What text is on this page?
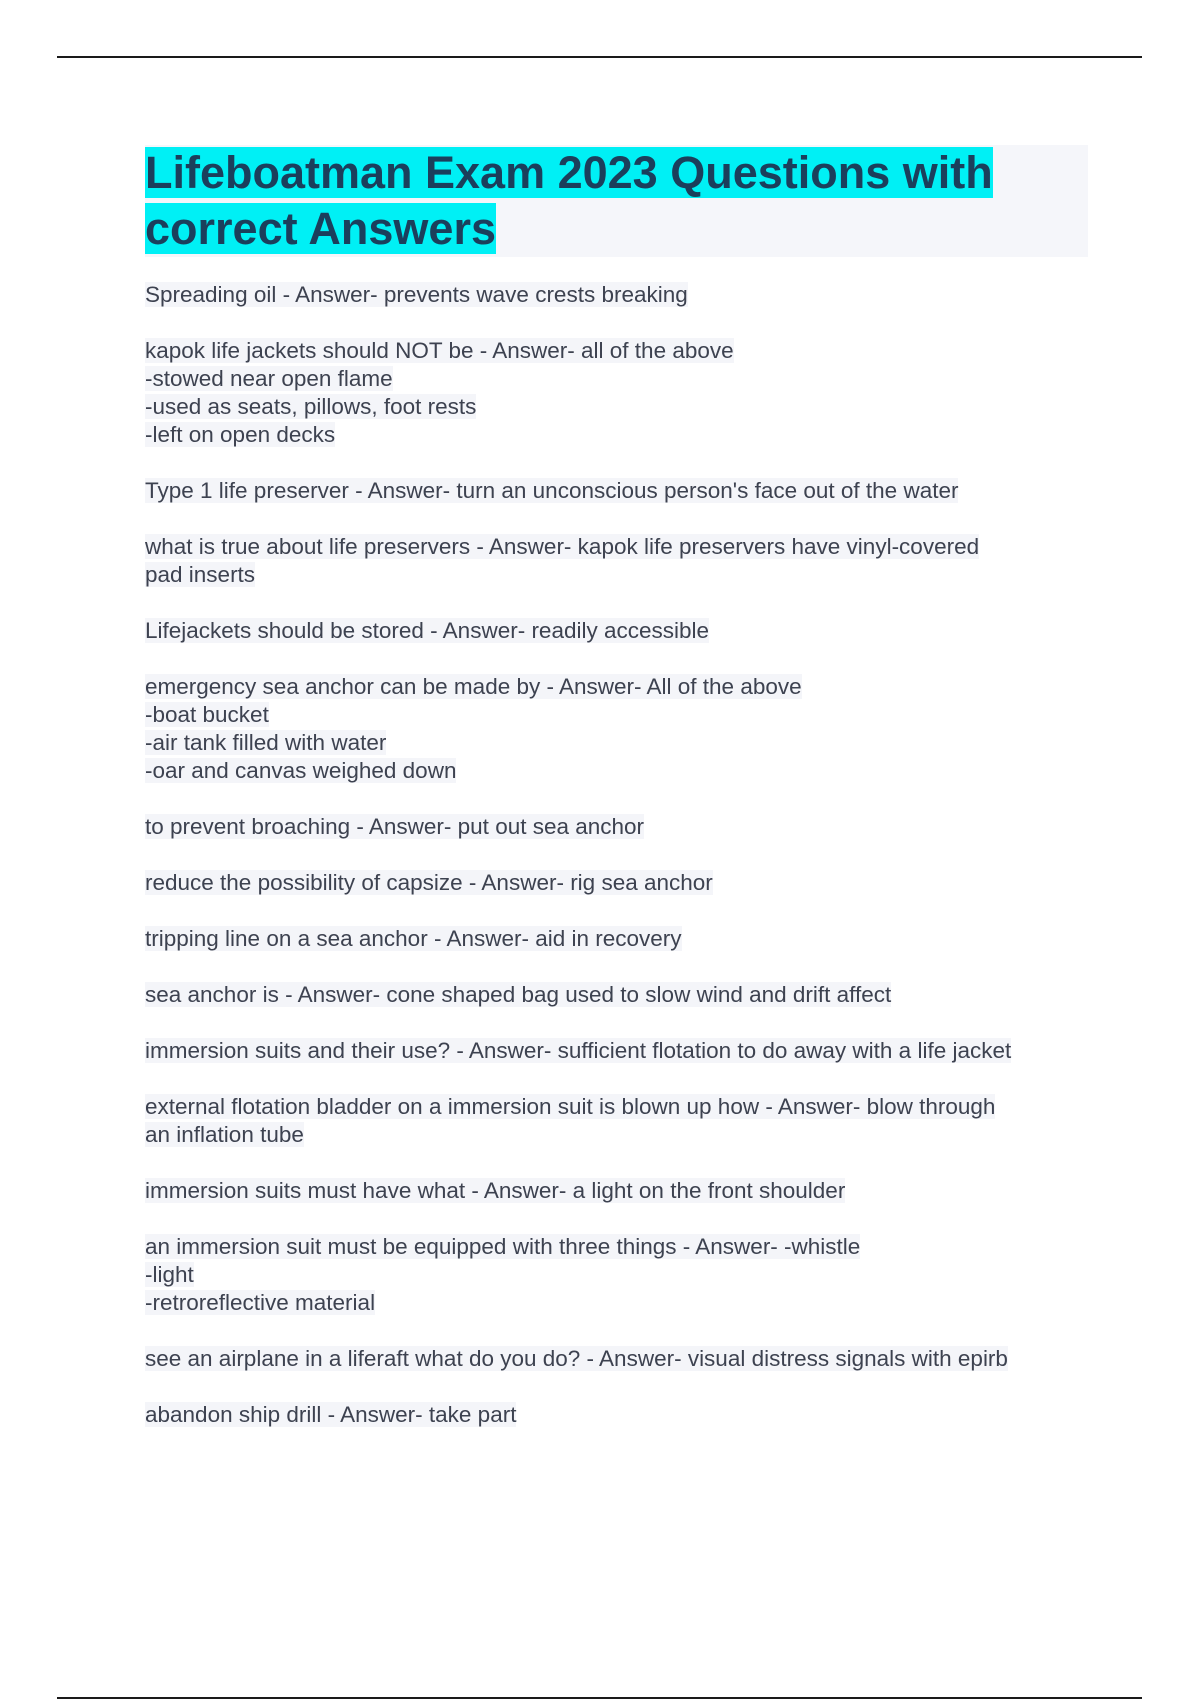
Lifeboatman Exam 2023 Questions with correct Answers
Spreading oil - Answer- prevents wave crests breaking
kapok life jackets should NOT be - Answer- all of the above
-stowed near open flame
-used as seats, pillows, foot rests
-left on open decks
Type 1 life preserver - Answer- turn an unconscious person's face out of the water
what is true about life preservers - Answer- kapok life preservers have vinyl-covered
pad inserts
Lifejackets should be stored - Answer- readily accessible
emergency sea anchor can be made by - Answer- All of the above
-boat bucket
-air tank filled with water
-oar and canvas weighed down
to prevent broaching - Answer- put out sea anchor
reduce the possibility of capsize - Answer- rig sea anchor
tripping line on a sea anchor - Answer- aid in recovery
sea anchor is - Answer- cone shaped bag used to slow wind and drift affect
immersion suits and their use? - Answer- sufficient flotation to do away with a life jacket
external flotation bladder on a immersion suit is blown up how - Answer- blow through
an inflation tube
immersion suits must have what - Answer- a light on the front shoulder
an immersion suit must be equipped with three things - Answer- -whistle
-light
-retroreflective material
see an airplane in a liferaft what do you do? - Answer- visual distress signals with epirb
abandon ship drill - Answer- take part
